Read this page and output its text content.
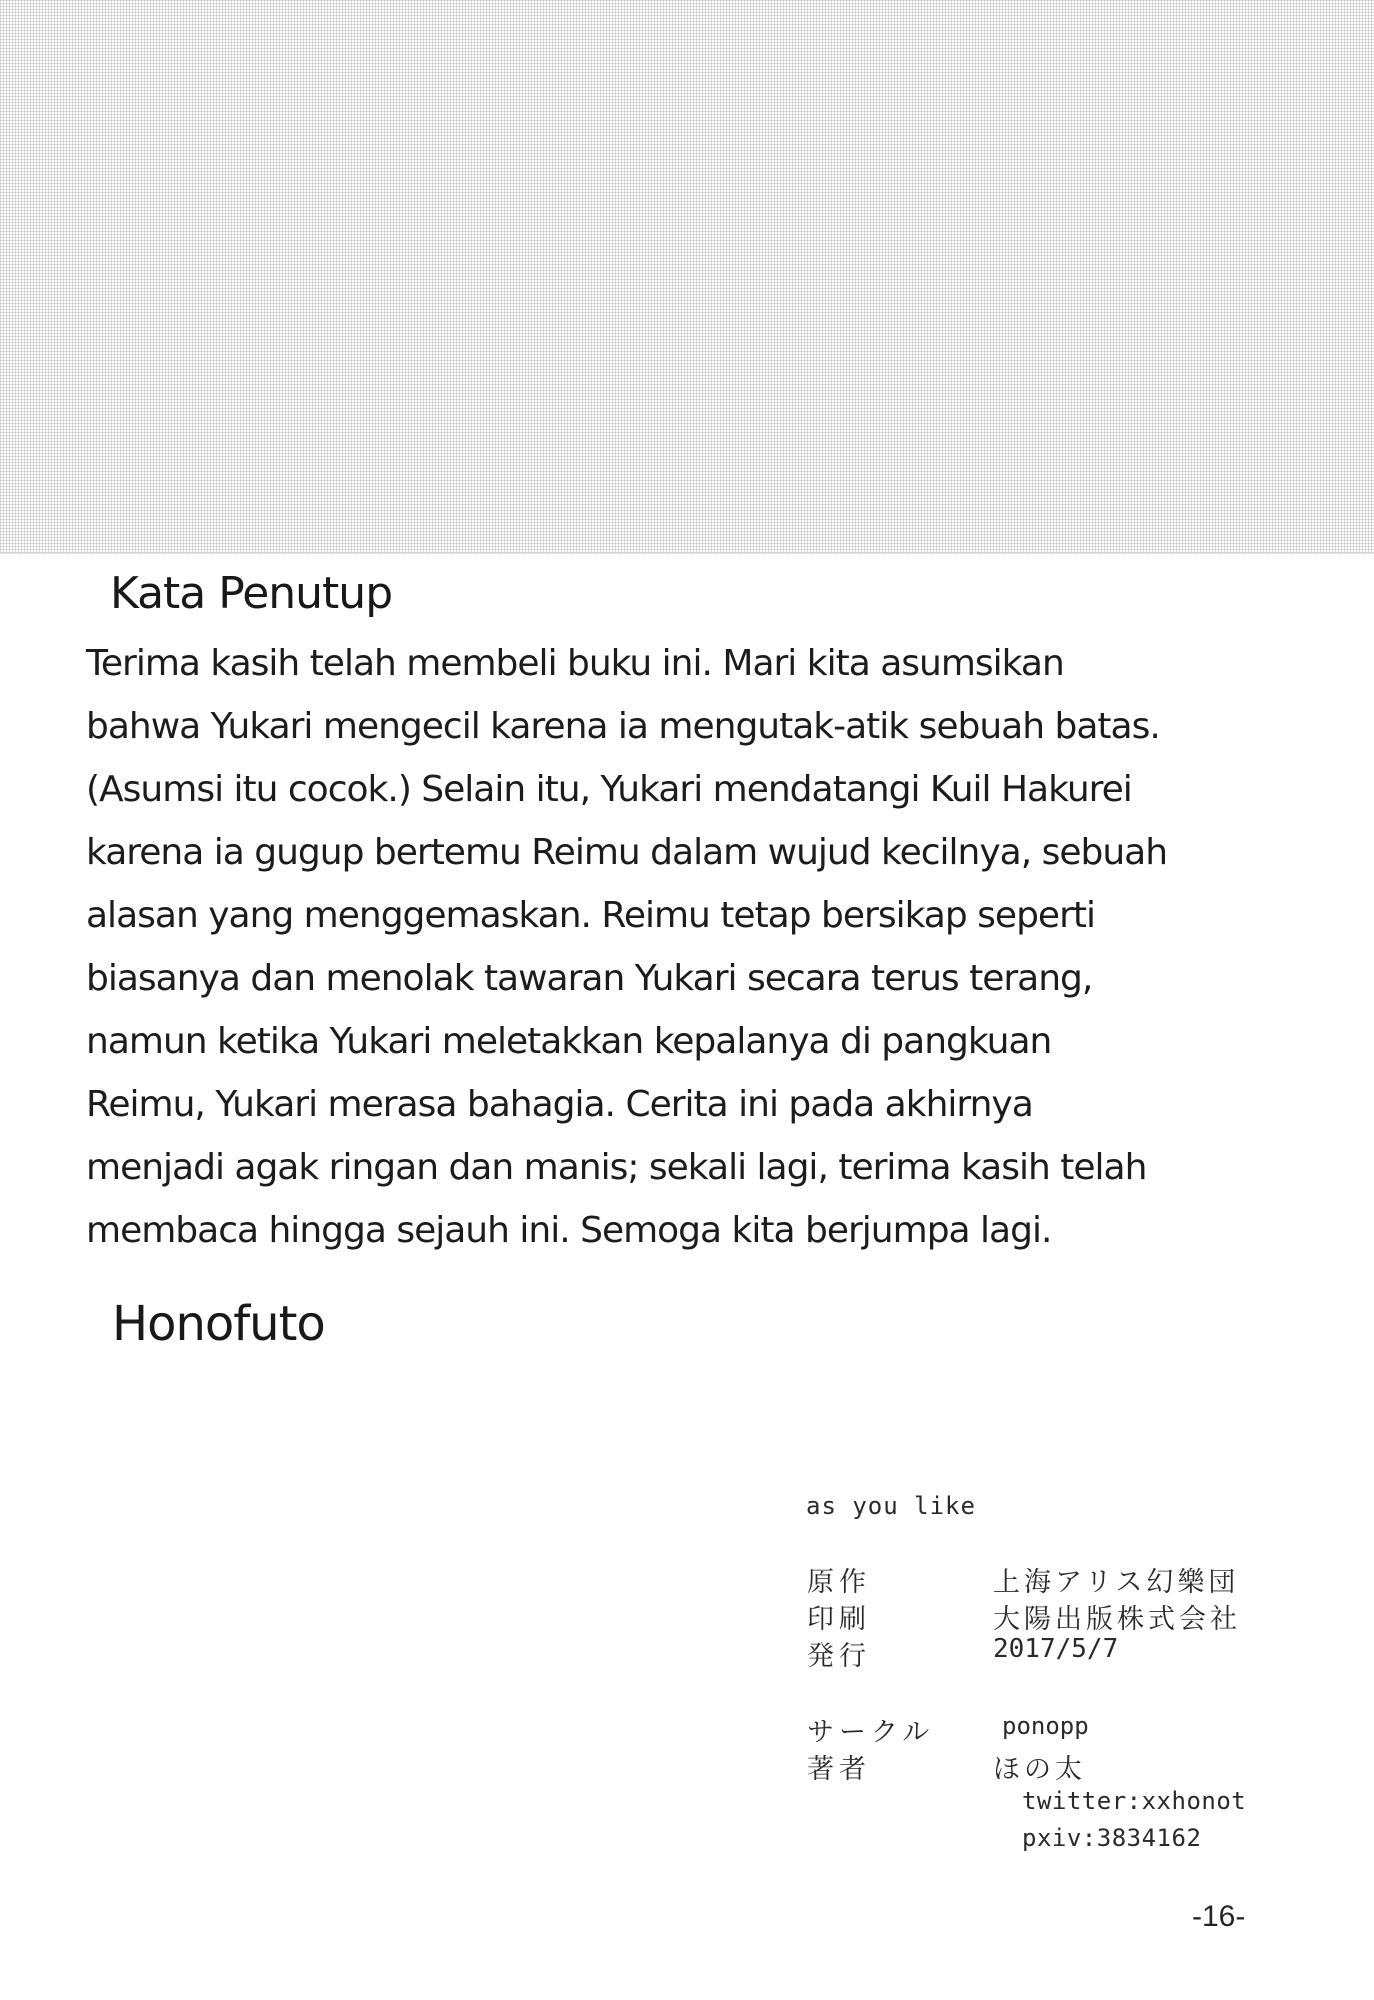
Kata Penutup
Terima kasih telah membeli buku ini. Mari kita asumsikan
bahwa Yukari mengecil karena ia mengutak-atik sebuah batas.
(Asumsi itu cocok.) Selain itu, Yukari mendatangi Kuil Hakurei
karena ia gugup bertemu Reimu dalam wujud kecilnya, sebuah
alasan yang menggemaskan. Reimu tetap bersikap seperti
biasanya dan menolak tawaran Yukari secara terus terang,
namun ketika Yukari meletakkan kepalanya di pangkuan
Reimu, Yukari merasa bahagia. Cerita ini pada akhirnya
menjadi agak ringan dan manis; sekali lagi, terima kasih telah
membaca hingga sejauh ini. Semoga kita berjumpa lagi.
Honofuto
as you like
原作	上海アリス幻樂団
印刷	大陽出版株式会社
発行	2017/5/7
サークル	ponopp
著者	ほの太
twitter:xxhonot
pxiv:3834162
-16-
